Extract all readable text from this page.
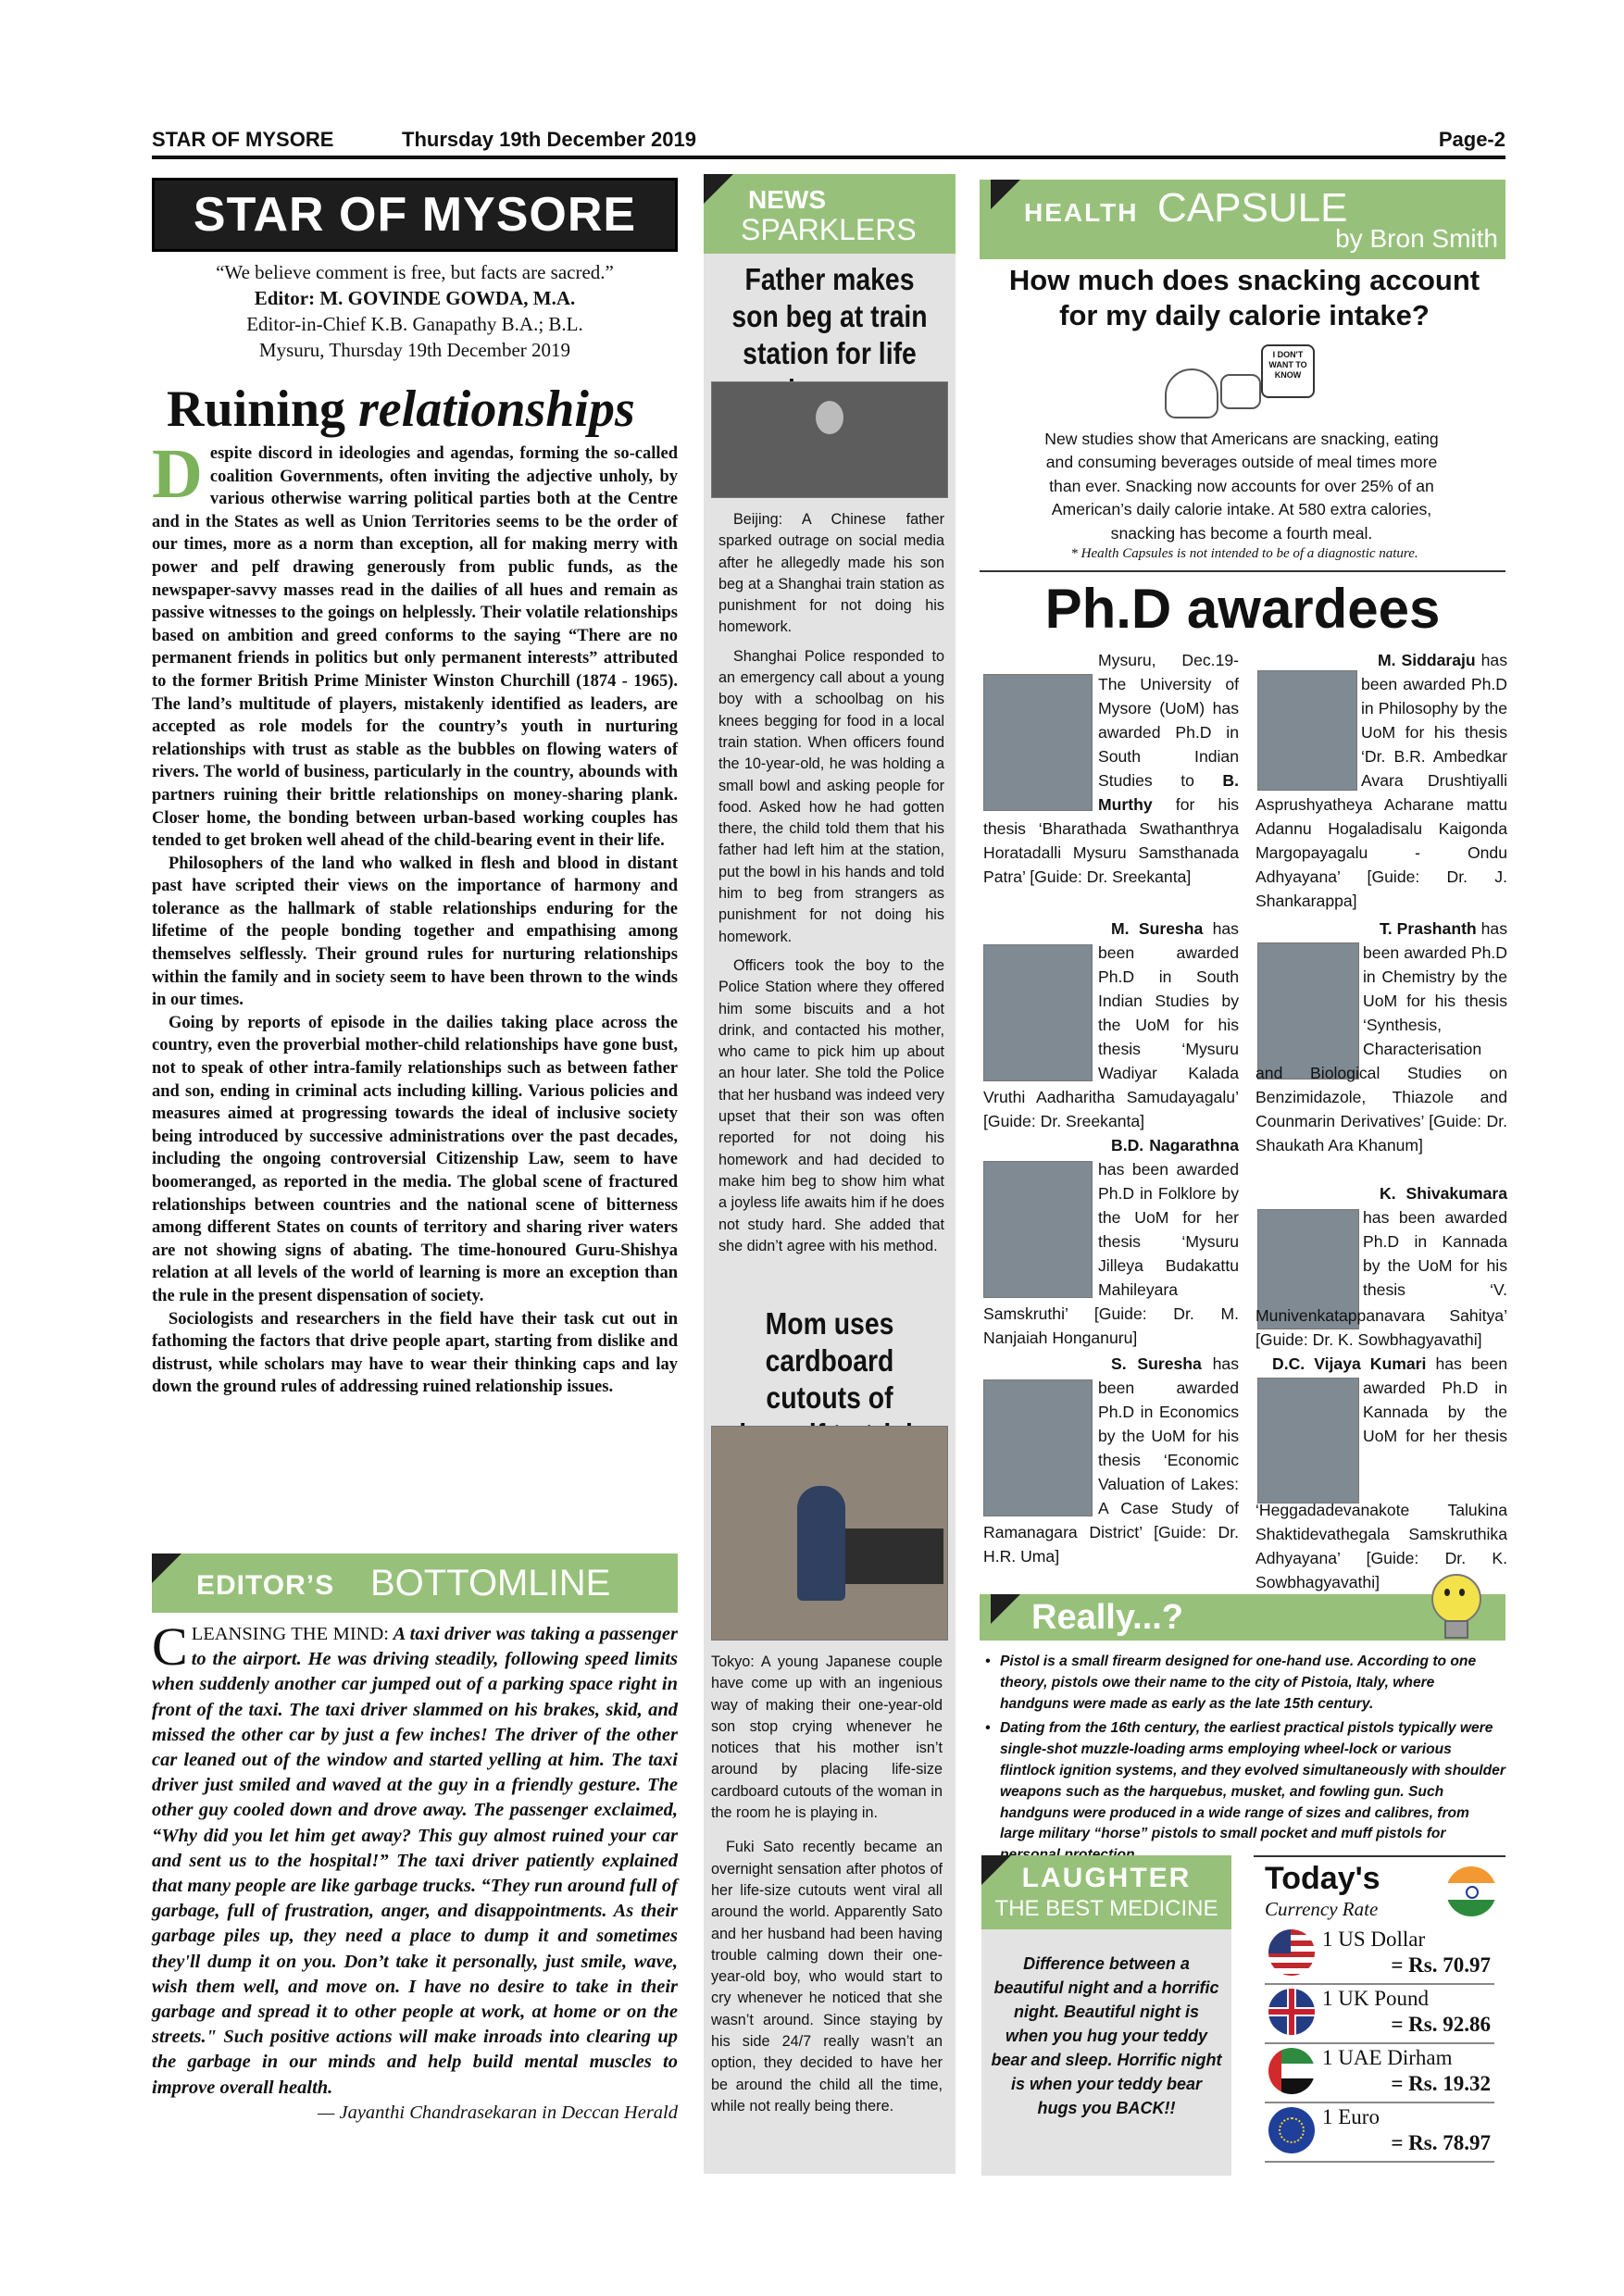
STAR OF MYSORE	Thursday 19th December 2019	Page-2
STAR OF MYSORE
“We believe comment is free, but facts are sacred.”
Editor: M. GOVINDE GOWDA, M.A.
Editor-in-Chief K.B. Ganapathy B.A.; B.L.
Mysuru, Thursday 19th December 2019
Ruining relationships
D espite discord in ideologies and agendas, forming the so-called coalition Governments, often inviting the adjective unholy, by various otherwise warring political parties both at the Centre and in the States as well as Union Territories seems to be the order of our times, more as a norm than exception, all for making merry with power and pelf drawing generously from public funds, as the newspaper-savvy masses read in the dailies of all hues and remain as passive witnesses to the goings on helplessly. Their volatile relationships based on ambition and greed conforms to the saying “There are no permanent friends in politics but only permanent interests” attributed to the former British Prime Minister Winston Churchill (1874 - 1965). The land’s multitude of players, mistakenly identified as leaders, are accepted as role models for the country’s youth in nurturing relationships with trust as stable as the bubbles on flowing waters of rivers. The world of business, particularly in the country, abounds with partners ruining their brittle relationships on money-sharing plank. Closer home, the bonding between urban-based working couples has tended to get broken well ahead of the child-bearing event in their life.
Philosophers of the land who walked in flesh and blood in distant past have scripted their views on the importance of harmony and tolerance as the hallmark of stable relationships enduring for the lifetime of the people bonding together and empathising among themselves selflessly. Their ground rules for nurturing relationships within the family and in society seem to have been thrown to the winds in our times.
Going by reports of episode in the dailies taking place across the country, even the proverbial mother-child relationships have gone bust, not to speak of other intra-family relationships such as between father and son, ending in criminal acts including killing. Various policies and measures aimed at progressing towards the ideal of inclusive society being introduced by successive administrations over the past decades, including the ongoing controversial Citizenship Law, seem to have boomeranged, as reported in the media. The global scene of fractured relationships between countries and the national scene of bitterness among different States on counts of territory and sharing river waters are not showing signs of abating. The time-honoured Guru-Shishya relation at all levels of the world of learning is more an exception than the rule in the present dispensation of society.
Sociologists and researchers in the field have their task cut out in fathoming the factors that drive people apart, starting from dislike and distrust, while scholars may have to wear their thinking caps and lay down the ground rules of addressing ruined relationship issues.
EDITOR’S BOTTOMLINE
CLEANSING THE MIND: A taxi driver was taking a passenger to the airport. He was driving steadily, following speed limits when suddenly another car jumped out of a parking space right in front of the taxi. The taxi driver slammed on his brakes, skid, and missed the other car by just a few inches! The driver of the other car leaned out of the window and started yelling at him. The taxi driver just smiled and waved at the guy in a friendly gesture. The other guy cooled down and drove away. The passenger exclaimed, “Why did you let him get away? This guy almost ruined your car and sent us to the hospital!” The taxi driver patiently explained that many people are like garbage trucks. “They run around full of garbage, full of frustration, anger, and disappointments. As their garbage piles up, they need a place to dump it and sometimes they'll dump it on you. Don’t take it personally, just smile, wave, wish them well, and move on. I have no desire to take in their garbage and spread it to other people at work, at home or on the streets." Such positive actions will make inroads into clearing up the garbage in our minds and help build mental muscles to improve overall health.
— Jayanthi Chandrasekaran in Deccan Herald
NEWS
SPARKLERS
Father makes son beg at train station for life
Beijing: A Chinese father sparked outrage on social media after he allegedly made his son beg at a Shanghai train station as punishment for not doing his homework.
Shanghai Police responded to an emergency call about a young boy with a schoolbag on his knees begging for food in a local train station. When officers found the 10-year-old, he was holding a small bowl and asking people for food. Asked how he had gotten there, the child told them that his father had left him at the station, put the bowl in his hands and told him to beg from strangers as punishment for not doing his homework.
Officers took the boy to the Police Station where they offered him some biscuits and a hot drink, and contacted his mother, who came to pick him up about an hour later. She told the Police that her husband was indeed very upset that their son was often reported for not doing his homework and had decided to make him beg to show him what a joyless life awaits him if he does not study hard. She added that she didn’t agree with his method.
Mom uses cardboard cutouts of
Tokyo: A young Japanese couple have come up with an ingenious way of making their one-year-old son stop crying whenever he notices that his mother isn’t around by placing life-size cardboard cutouts of the woman in the room he is playing in.
Fuki Sato recently became an overnight sensation after photos of her life-size cutouts went viral all around the world. Apparently Sato and her husband had been having trouble calming down their one-year-old boy, who would start to cry whenever he noticed that she wasn’t around. Since staying by his side 24/7 really wasn’t an option, they decided to have her be around the child all the time, while not really being there.
HEALTH CAPSULE
by Bron Smith
How much does snacking account for my daily calorie intake?
I DON'T WANT TO KNOW
New studies show that Americans are snacking, eating and consuming beverages outside of meal times more than ever. Snacking now accounts for over 25% of an American’s daily calorie intake. At 580 extra calories, snacking has become a fourth meal.
* Health Capsules is not intended to be of a diagnostic nature.
Ph.D awardees
Mysuru, Dec.19- The University of Mysore (UoM) has awarded Ph.D in South Indian Studies to B. Murthy for his thesis ‘Bharathada Swathanthrya Horatadalli Mysuru Samsthanada Patra’ [Guide: Dr. Sreekanta]
M. Suresha
has been awarded Ph.D in South Indian Studies by the UoM for his thesis ‘Mysuru Wadiyar Kalada Vruthi Aadharitha Samudayagalu’ [Guide: Dr. Sreekanta]
B.D. Nagarathna
has been awarded Ph.D in Folklore by the UoM for her thesis ‘Mysuru Jilleya Budakattu Mahileyara Samskruthi’ [Guide: Dr. M. Nanjaiah Honganuru]
S. Suresha
has been awarded Ph.D in Economics by the UoM for his thesis ‘Economic Valuation of Lakes: A Case Study of Ramanagara District’ [Guide: Dr. H.R. Uma]
M. Siddaraju
has been awarded Ph.D in Philosophy by the UoM for his thesis ‘Dr. B.R. Ambedkar Avara Drushtiyalli Asprushyatheya Acharane mattu Adannu Hogaladisalu Kaigonda Margopayagalu - Ondu Adhyayana’ [Guide: Dr. J. Shankarappa]
T. Prashanth
has been awarded Ph.D in Chemistry by the UoM for his thesis ‘Synthesis, Characterisation and Biological Studies on Benzimidazole, Thiazole and Counmarin Derivatives’ [Guide: Dr. Shaukath Ara Khanum]
K. Shivakumara
has been awarded Ph.D in Kannada by the UoM for his thesis ‘V. Munivenkatappanavara Sahitya’ [Guide: Dr. K. Sowbhagyavathi]
D.C. Vijaya Kumari
has been awarded Ph.D in Kannada by the UoM for her thesis ‘Heggadadevanakote Talukina Shaktidevathegala Samskruthika Adhyayana’ [Guide: Dr. K. Sowbhagyavathi]
Really...?
• Pistol is a small firearm designed for one-hand use. According to one theory, pistols owe their name to the city of Pistoia, Italy, where handguns were made as early as the late 15th century.
• Dating from the 16th century, the earliest practical pistols typically were single-shot muzzle-loading arms employing wheel-lock or various flintlock ignition systems, and they evolved simultaneously with shoulder weapons such as the harquebus, musket, and fowling gun. Such handguns were produced in a wide range of sizes and calibres, from large military “horse” pistols to small pocket and muff pistols for
LAUGHTER
THE BEST MEDICINE
Difference between a beautiful night and a horrific night. Beautiful night is when you hug your teddy bear and sleep. Horrific night is when your teddy bear hugs you BACK!!
Today's
Currency Rate
1 US Dollar
= Rs. 70.97
1 UK Pound
= Rs. 92.86
1 UAE Dirham
= Rs. 19.32
1 Euro
= Rs. 78.97
